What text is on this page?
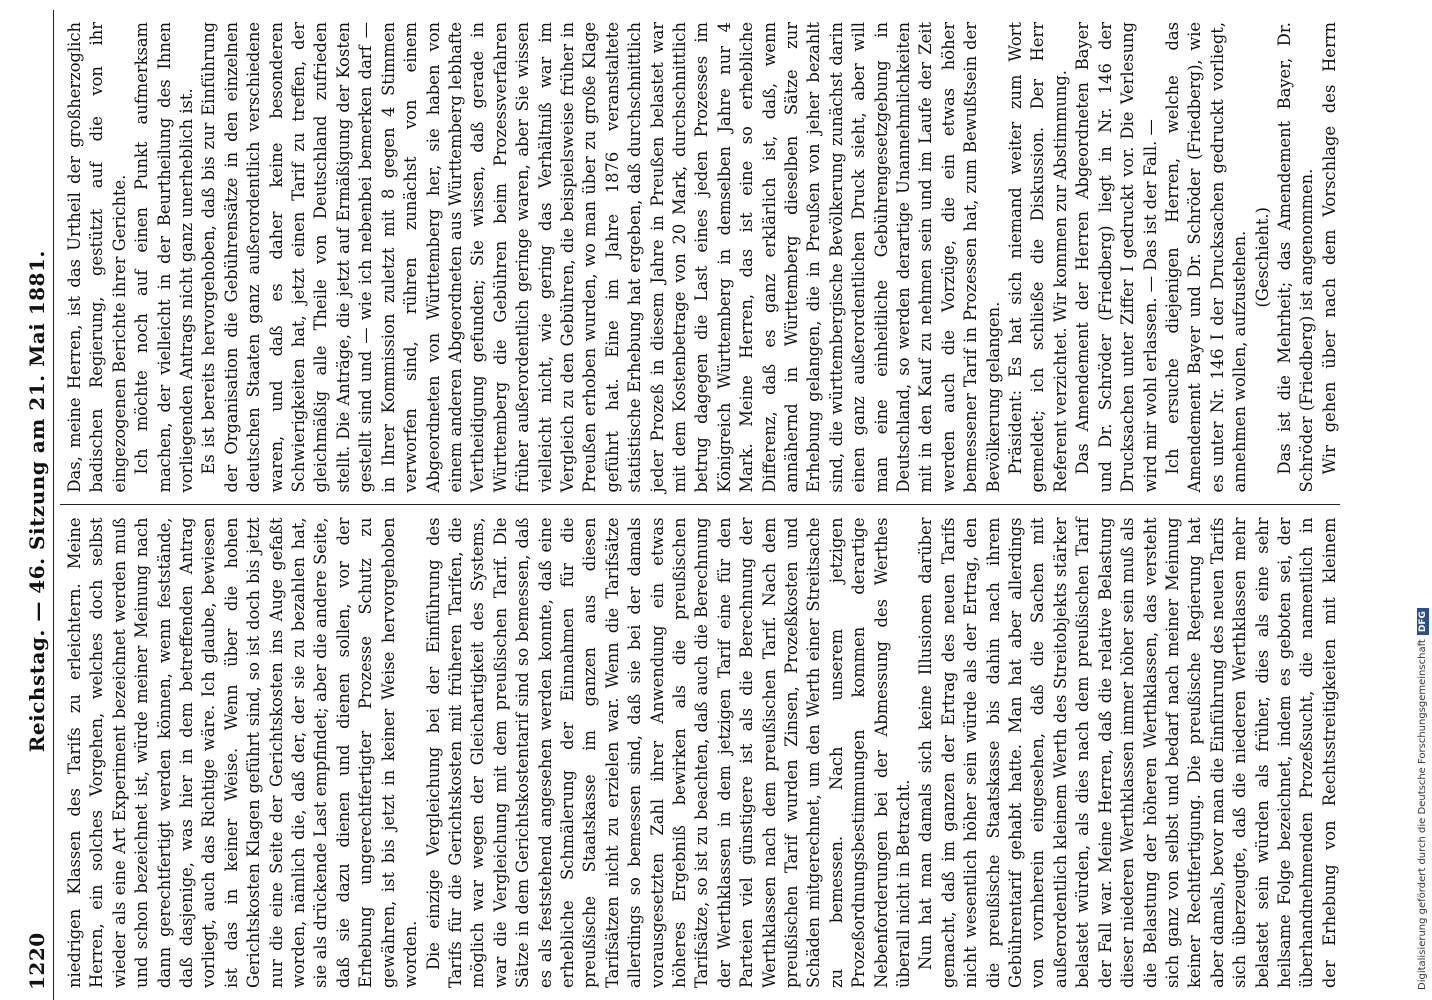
1220
Reichstag. — 46. Sitzung am 21. Mai 1881.

niedrigen Klassen des Tarifs zu erleichtern. Meine Herren, ein solches Vorgehen, welches doch selbst wieder als eine Art Experiment bezeichnet werden muß und schon bezeichnet ist, würde meiner Meinung nach dann gerechtfertigt werden können, wenn feststände, daß dasjenige, was hier in dem betreffenden Antrag vorliegt, auch das Richtige wäre. Ich glaube, bewiesen ist das in keiner Weise. Wenn über die hohen Gerichtskosten Klagen geführt sind, so ist doch bis jetzt nur die eine Seite der Gerichtskosten ins Auge gefaßt worden, nämlich die, daß der, der sie zu bezahlen hat, sie als drückende Last empfindet; aber die andere Seite, daß sie dazu dienen und dienen sollen, vor der Erhebung ungerechtfertigter Prozesse Schutz zu gewähren, ist bis jetzt in keiner Weise hervorgehoben worden. Die einzige Vergleichung bei der Einführung des Tarifs für die Gerichtskosten mit früheren Tarifen, die möglich war wegen der Gleichartigkeit des Systems, war die Vergleichung mit dem preußischen Tarif. Die Sätze in dem Gerichtskostentarif sind so bemessen, daß es als feststehend angesehen werden konnte, daß eine erhebliche Schmälerung der Einnahmen für die preußische Staatskasse im ganzen aus diesen Tarifsätzen nicht zu erzielen war. Wenn die Tarifsätze allerdings so bemessen sind, daß sie bei der damals vorausgesetzten Zahl ihrer Anwendung ein etwas höheres Ergebniß bewirken als die preußischen Tarifsätze, so ist zu beachten, daß auch die Berechnung der Werthklassen in dem jetzigen Tarif eine für den Parteien viel günstigere ist als die Berechnung der Werthklassen nach dem preußischen Tarif. Nach dem preußischen Tarif wurden Zinsen, Prozeßkosten und Schäden mitgerechnet, um den Werth einer Streitsache zu bemessen. Nach unserem jetzigen Prozeßordnungsbestimmungen kommen derartige Nebenforderungen bei der Abmessung des Werthes überall nicht in Betracht. Nun hat man damals sich keine Illusionen darüber gemacht, daß im ganzen der Ertrag des neuen Tarifs nicht wesentlich höher sein würde als der Ertrag, den die preußische Staatskasse bis dahin nach ihrem Gebührentarif gehabt hatte. Man hat aber allerdings von vornherein eingesehen, daß die Sachen mit außerordentlich kleinem Werth des Streitobjekts stärker belastet würden, als dies nach dem preußischen Tarif der Fall war. Meine Herren, daß die relative Belastung dieser niederen Werthklassen immer höher sein muß als die Belastung der höheren Werthklassen, das versteht sich ganz von selbst und bedarf nach meiner Meinung keiner Rechtfertigung. Die preußische Regierung hat aber damals, bevor man die Einführung des neuen Tarifs sich überzeugte, daß die niederen Werthklassen mehr belastet sein würden als früher, dies als eine sehr heilsame Folge bezeichnet, indem es geboten sei, der überhandnehmenden Prozeßsucht, die namentlich in der Erhebung von Rechtsstreitigkeiten mit kleinem

Das, meine Herren, ist das Urtheil der großherzoglich badischen Regierung, gestützt auf die von ihr eingezogenen Berichte ihrer Gerichte. Ich möchte noch auf einen Punkt aufmerksam machen, der vielleicht in der Beurtheilung des Ihnen vorliegenden Antrags nicht ganz unerheblich ist. Es ist bereits hervorgehoben, daß bis zur Einführung der Organisation die Gebührensätze in den einzelnen deutschen Staaten ganz außerordentlich verschiedene waren, und daß es daher keine besonderen Schwierigkeiten hat, jetzt einen Tarif zu treffen, der gleichmäßig alle Theile von Deutschland zufrieden stellt. Die Anträge, die jetzt auf Ermäßigung der Kosten gestellt sind und — wie ich nebenbei bemerken darf — in Ihrer Kommission zuletzt mit 8 gegen 4 Stimmen verworfen sind, rühren zunächst von einem Abgeordneten von Württemberg her, sie haben von einem anderen Abgeordneten aus Württemberg lebhafte Vertheidigung gefunden; Sie wissen, daß gerade in Württemberg die Gebühren beim Prozessverfahren früher außerordentlich geringe waren, aber Sie wissen vielleicht nicht, wie gering das Verhältniß war im Vergleich zu den Gebühren, die beispielsweise früher in Preußen erhoben wurden, wo man über zu große Klage geführt hat. Eine im Jahre 1876 veranstaltete statistische Erhebung hat ergeben, daß durchschnittlich jeder Prozeß in diesem Jahre in Preußen belastet war mit dem Kostenbetrage von 20 Mark, durchschnittlich betrug dagegen die Last eines jeden Prozesses im Königreich Württemberg in demselben Jahre nur 4 Mark. Meine Herren, das ist eine so erhebliche Differenz, daß es ganz erklärlich ist, daß, wenn annähernd in Württemberg dieselben Sätze zur Erhebung gelangen, die in Preußen von jeher bezahlt sind, die württembergische Bevölkerung zunächst darin einen ganz außerordentlichen Druck sieht, aber will man eine einheitliche Gebührengesetzgebung in Deutschland, so werden derartige Unannehmlichkeiten mit in den Kauf zu nehmen sein und im Laufe der Zeit werden auch die Vorzüge, die ein etwas höher bemessener Tarif in Prozessen hat, zum Bewußtsein der Bevölkerung gelangen. Präsident: Es hat sich niemand weiter zum Wort gemeldet; ich schließe die Diskussion. Der Herr Referent verzichtet. Wir kommen zur Abstimmung. Das Amendement der Herren Abgeordneten Bayer und Dr. Schröder (Friedberg) liegt in Nr. 146 der Drucksachen unter Ziffer I gedruckt vor. Die Verlesung wird mir wohl erlassen. — Das ist der Fall. — Ich ersuche diejenigen Herren, welche das Amendement Bayer und Dr. Schröder (Friedberg), wie es unter Nr. 146 I der Drucksachen gedruckt vorliegt, annehmen wollen, aufzustehen. (Geschieht.) Das ist die Mehrheit; das Amendement Bayer, Dr. Schröder (Friedberg) ist angenommen. Wir gehen über nach dem Vorschlage des Herrn

Digitalisierung gefördert durch die Deutsche Forschungsgemeinschaft
DFG
